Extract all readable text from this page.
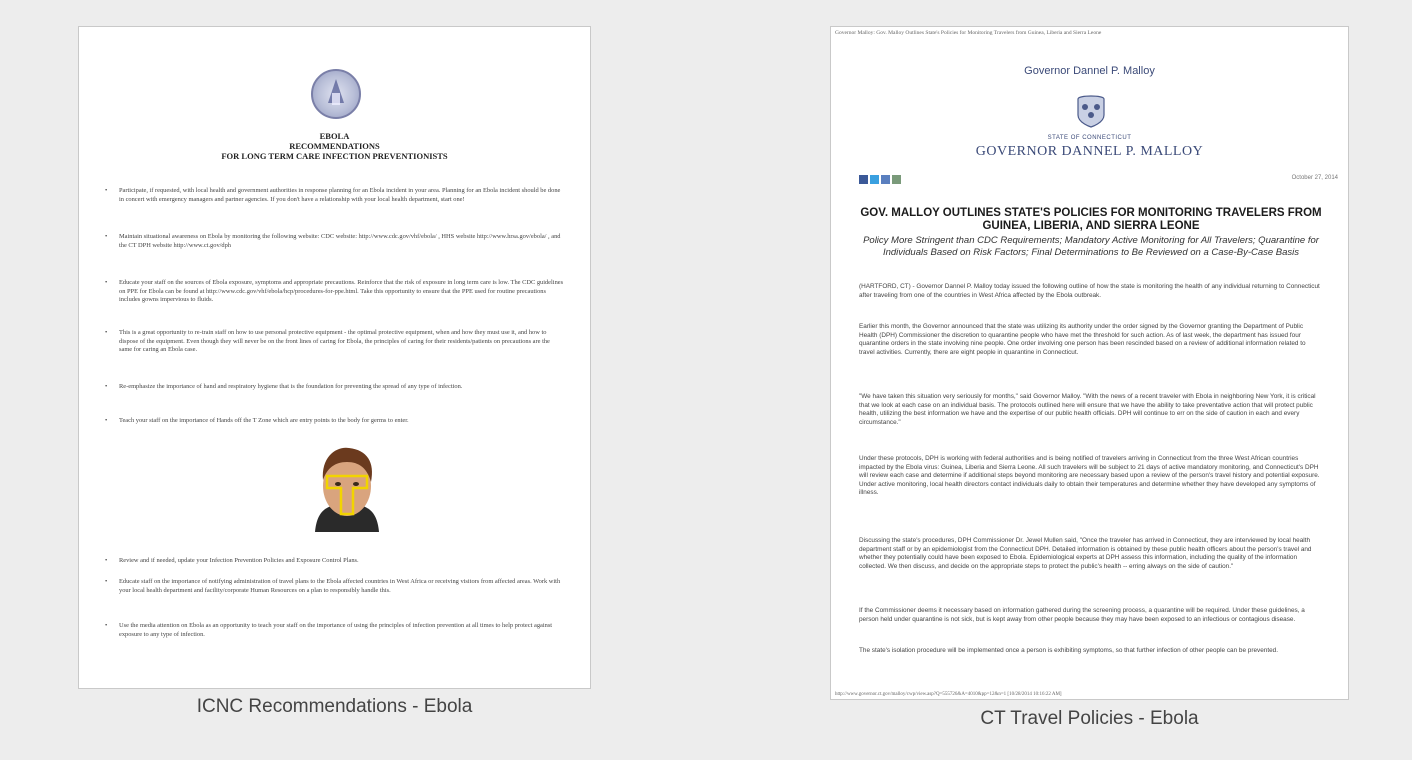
EBOLA
RECOMMENDATIONS
FOR LONG TERM CARE INFECTION PREVENTIONISTS
• Participate, if requested, with local health and government authorities in response planning for an Ebola incident in your area. Planning for an Ebola incident should be done in concert with emergency managers and partner agencies. If you don't have a relationship with your local health department, start one!
• Maintain situational awareness on Ebola by monitoring the following website: CDC website: http://www.cdc.gov/vhf/ebola/ , HHS website http://www.hrsa.gov/ebola/ , and the CT DPH website http://www.ct.gov/dph
• Educate your staff on the sources of Ebola exposure, symptoms and appropriate precautions. Reinforce that the risk of exposure in long term care is low. The CDC guidelines on PPE for Ebola can be found at http://www.cdc.gov/vhf/ebola/hcp/procedures-for-ppe.html. Take this opportunity to ensure that the PPE used for routine precautions includes gowns impervious to fluids.
• This is a great opportunity to re-train staff on how to use personal protective equipment - the optimal protective equipment, when and how they must use it, and how to dispose of the equipment. Even though they will never be on the front lines of caring for Ebola, the principles of caring for their residents/patients on precautions are the same for caring an Ebola case.
• Re-emphasize the importance of hand and respiratory hygiene that is the foundation for preventing the spread of any type of infection.
• Teach your staff on the importance of Hands off the T Zone which are entry points to the body for germs to enter.
• Review and if needed, update your Infection Prevention Policies and Exposure Control Plans.
• Educate staff on the importance of notifying administration of travel plans to the Ebola affected countries in West Africa or receiving visitors from affected areas. Work with your local health department and facility/corporate Human Resources on a plan to responsibly handle this.
• Use the media attention on Ebola as an opportunity to teach your staff on the importance of using the principles of infection prevention at all times to help protect against exposure to any type of infection.
ICNC Recommendations - Ebola
Governor Malloy: Gov. Malloy Outlines State's Policies for Monitoring Travelers from Guinea, Liberia and Sierra Leone
Governor Dannel P. Malloy
STATE OF CONNECTICUT
GOVERNOR DANNEL P. MALLOY
October 27, 2014
GOV. MALLOY OUTLINES STATE'S POLICIES FOR MONITORING TRAVELERS FROM GUINEA, LIBERIA, AND SIERRA LEONE
Policy More Stringent than CDC Requirements; Mandatory Active Monitoring for All Travelers; Quarantine for Individuals Based on Risk Factors; Final Determinations to Be Reviewed on a Case-By-Case Basis
(HARTFORD, CT) - Governor Dannel P. Malloy today issued the following outline of how the state is monitoring the health of any individual returning to Connecticut after traveling from one of the countries in West Africa affected by the Ebola outbreak.
Earlier this month, the Governor announced that the state was utilizing its authority under the order signed by the Governor granting the Department of Public Health (DPH) Commissioner the discretion to quarantine people who have met the threshold for such action. As of last week, the department has issued four quarantine orders in the state involving nine people. One order involving one person has been rescinded based on a review of additional information related to travel activities. Currently, there are eight people in quarantine in Connecticut.
"We have taken this situation very seriously for months," said Governor Malloy. "With the news of a recent traveler with Ebola in neighboring New York, it is critical that we look at each case on an individual basis. The protocols outlined here will ensure that we have the ability to take preventative action that will protect public health, utilizing the best information we have and the expertise of our public health officials. DPH will continue to err on the side of caution in each and every circumstance."
Under these protocols, DPH is working with federal authorities and is being notified of travelers arriving in Connecticut from the three West African countries impacted by the Ebola virus: Guinea, Liberia and Sierra Leone. All such travelers will be subject to 21 days of active mandatory monitoring, and Connecticut's DPH will review each case and determine if additional steps beyond monitoring are necessary based upon a review of the person's travel history and potential exposure. Under active monitoring, local health directors contact individuals daily to obtain their temperatures and determine whether they have developed any symptoms of illness.
Discussing the state's procedures, DPH Commissioner Dr. Jewel Mullen said, "Once the traveler has arrived in Connecticut, they are interviewed by local health department staff or by an epidemiologist from the Connecticut DPH. Detailed information is obtained by these public health officers about the person's travel and whether they potentially could have been exposed to Ebola. Epidemiological experts at DPH assess this information, including the quality of the information collected. We then discuss, and decide on the appropriate steps to protect the public's health -- erring always on the side of caution."
If the Commissioner deems it necessary based on information gathered during the screening process, a quarantine will be required. Under these guidelines, a person held under quarantine is not sick, but is kept away from other people because they may have been exposed to an infectious or contagious disease.
The state's isolation procedure will be implemented once a person is exhibiting symptoms, so that further infection of other people can be prevented.
http://www.governor.ct.gov/malloy/cwp/view.asp?Q=555726&A=4010&pp=12&n=1 [10/28/2014 10:16:22 AM]
CT Travel Policies - Ebola
